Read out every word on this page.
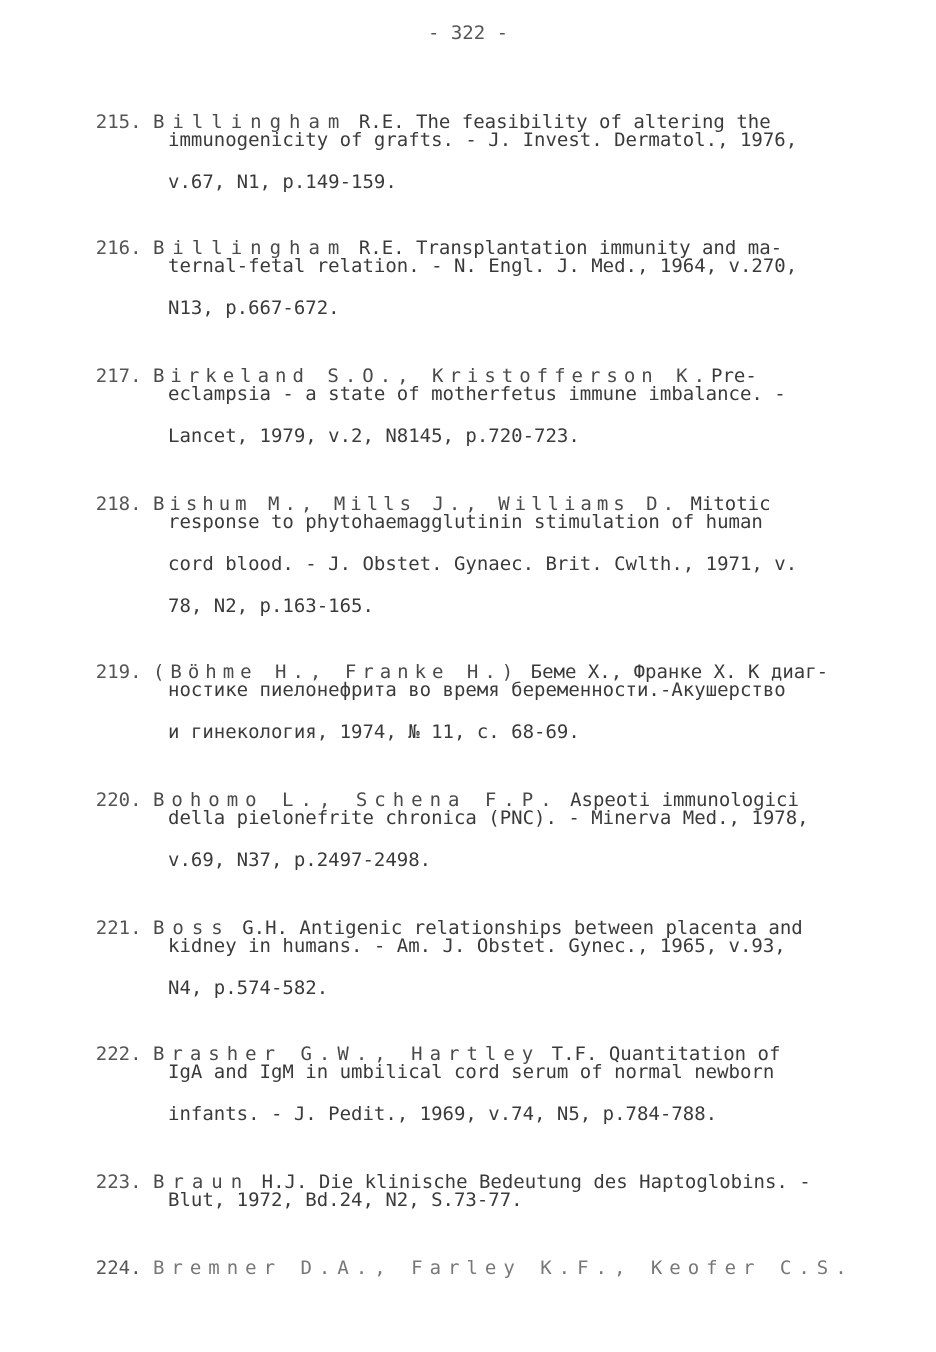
- 322 -

215. Billingham R.E. The feasibility of altering the

immunogenicity of grafts. - J. Invest. Dermatol., 1976,
v.67, N1, p.149-159.

216. Billingham R.E. Transplantation immunity and ma-

ternal-fetal relation. - N. Engl. J. Med., 1964, v.270,
N13, p.667-672.

217. Birkeland S.O., Kristofferson K.Pre-

eclampsia - a state of motherfetus immune imbalance. -
Lancet, 1979, v.2, N8145, p.720-723.

218. Bishum M., Mills J., Williams D. Mitotic

response to phytohaemagglutinin stimulation of human
cord blood. - J. Obstet. Gynaec. Brit. Cwlth., 1971, v.
78, N2, p.163-165.

219. (Böhme H., Franke H.) Беме Х., Франке Х. К диаг-

ностике пиелонефрита во время беременности.-Акушерство
и гинекология, 1974, № 11, с. 68-69.

220. Bohomo L., Schena F.P. Aspeoti immunologici

della pielonefrite chronica (PNC). - Minerva Med., 1978,
v.69, N37, p.2497-2498.

221. Boss G.H. Antigenic relationships between placenta and

kidney in humans. - Am. J. Obstet. Gynec., 1965, v.93,
N4, p.574-582.

222. Brasher G.W., Hartley T.F. Quantitation of

IgA and IgM in umbilical cord serum of normal newborn
infants. - J. Pedit., 1969, v.74, N5, p.784-788.

223. Braun H.J. Die klinische Bedeutung des Haptoglobins. -

Blut, 1972, Bd.24, N2, S.73-77.

224. Bremner D.A., Farley K.F., Keofer C.S.
